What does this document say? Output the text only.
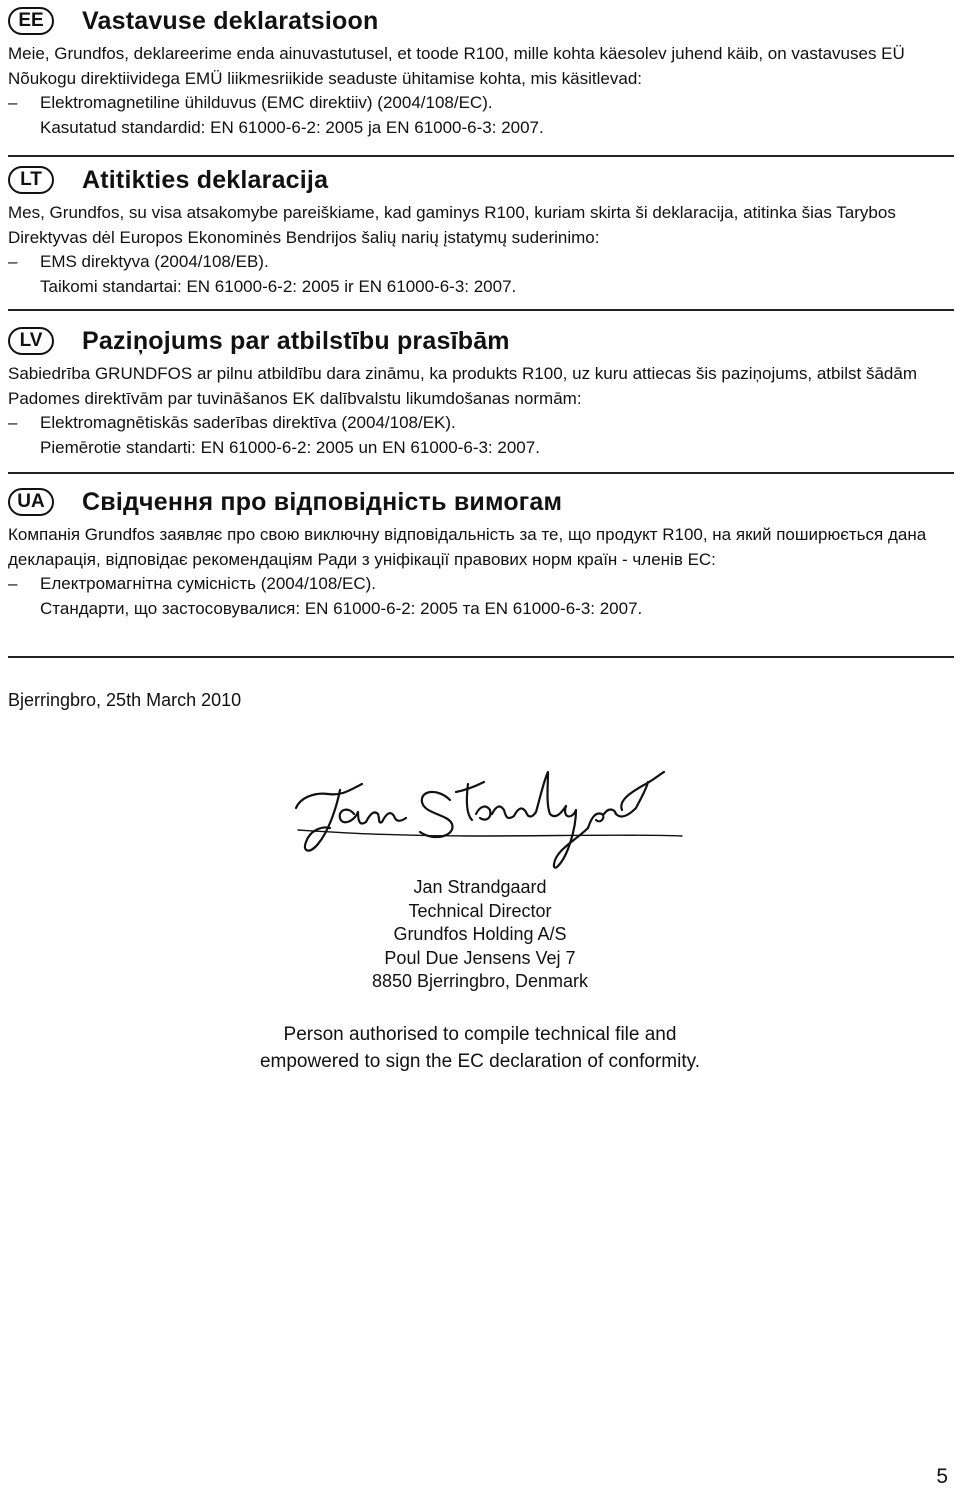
EE	Vastavuse deklaratsioon

Meie, Grundfos, deklareerime enda ainuvastutusel, et toode R100, mille kohta käesolev juhend käib, on vastavuses EÜ Nõukogu direktiividega EMÜ liikmesriikide seaduste ühitamise kohta, mis käsitlevad:

– Elektromagnetiline ühilduvus (EMC direktiiv) (2004/108/EC).

Kasutatud standardid: EN 61000-6-2: 2005 ja EN 61000-6-3: 2007.

LT	Atitikties deklaracija

Mes, Grundfos, su visa atsakomybe pareiškiame, kad gaminys R100, kuriam skirta ši deklaracija, atitinka šias Tarybos Direktyvas dėl Europos Ekonominės Bendrijos šalių narių įstatymų suderinimo:

– EMS direktyva (2004/108/EB).

Taikomi standartai: EN 61000-6-2: 2005 ir EN 61000-6-3: 2007.

LV	Paziņojums par atbilstību prasībām

Sabiedrība GRUNDFOS ar pilnu atbildību dara zināmu, ka produkts R100, uz kuru attiecas šis paziņojums, atbilst šādām Padomes direktīvām par tuvināšanos EK dalībvalstu likumdošanas normām:

– Elektromagnētiskās saderības direktīva (2004/108/EK).

Piemērotie standarti: EN 61000-6-2: 2005 un EN 61000-6-3: 2007.

UA	Свідчення про відповідність вимогам

Компанія Grundfos заявляє про свою виключну відповідальність за те, що продукт R100, на який поширюється дана декларація, відповідає рекомендаціям Ради з уніфікації правових норм країн - членів ЕС:

– Електромагнітна сумісність (2004/108/ЕС).

Стандарти, що застосовувалися: EN 61000-6-2: 2005 та EN 61000-6-3: 2007.

Bjerringbro, 25th March 2010
Jan Strandgaard
Jan Strandgaard
Technical Director
Grundfos Holding A/S
Poul Due Jensens Vej 7
8850 Bjerringbro, Denmark
Person authorised to compile technical file and
empowered to sign the EC declaration of conformity.
5
